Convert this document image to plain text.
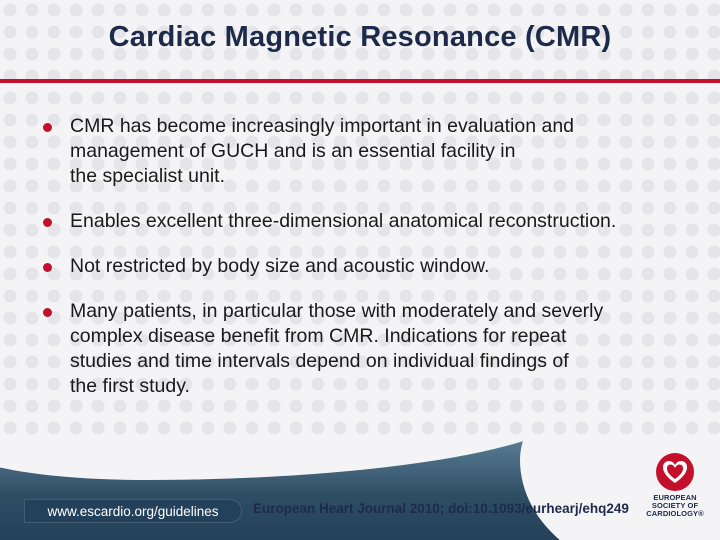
Cardiac Magnetic Resonance (CMR)
CMR has become increasingly important in evaluation and
management of GUCH and is an essential facility in
the specialist unit.
Enables excellent three-dimensional anatomical reconstruction.
Not restricted by body size and acoustic window.
Many patients, in particular those with moderately and severly
complex disease benefit from CMR. Indications for repeat
studies and time intervals depend on individual findings of
the first study.
www.escardio.org/guidelines	European Heart Journal 2010; doi:10.1093/eurhearj/ehq249
EUROPEAN
SOCIETY OF
CARDIOLOGY®
